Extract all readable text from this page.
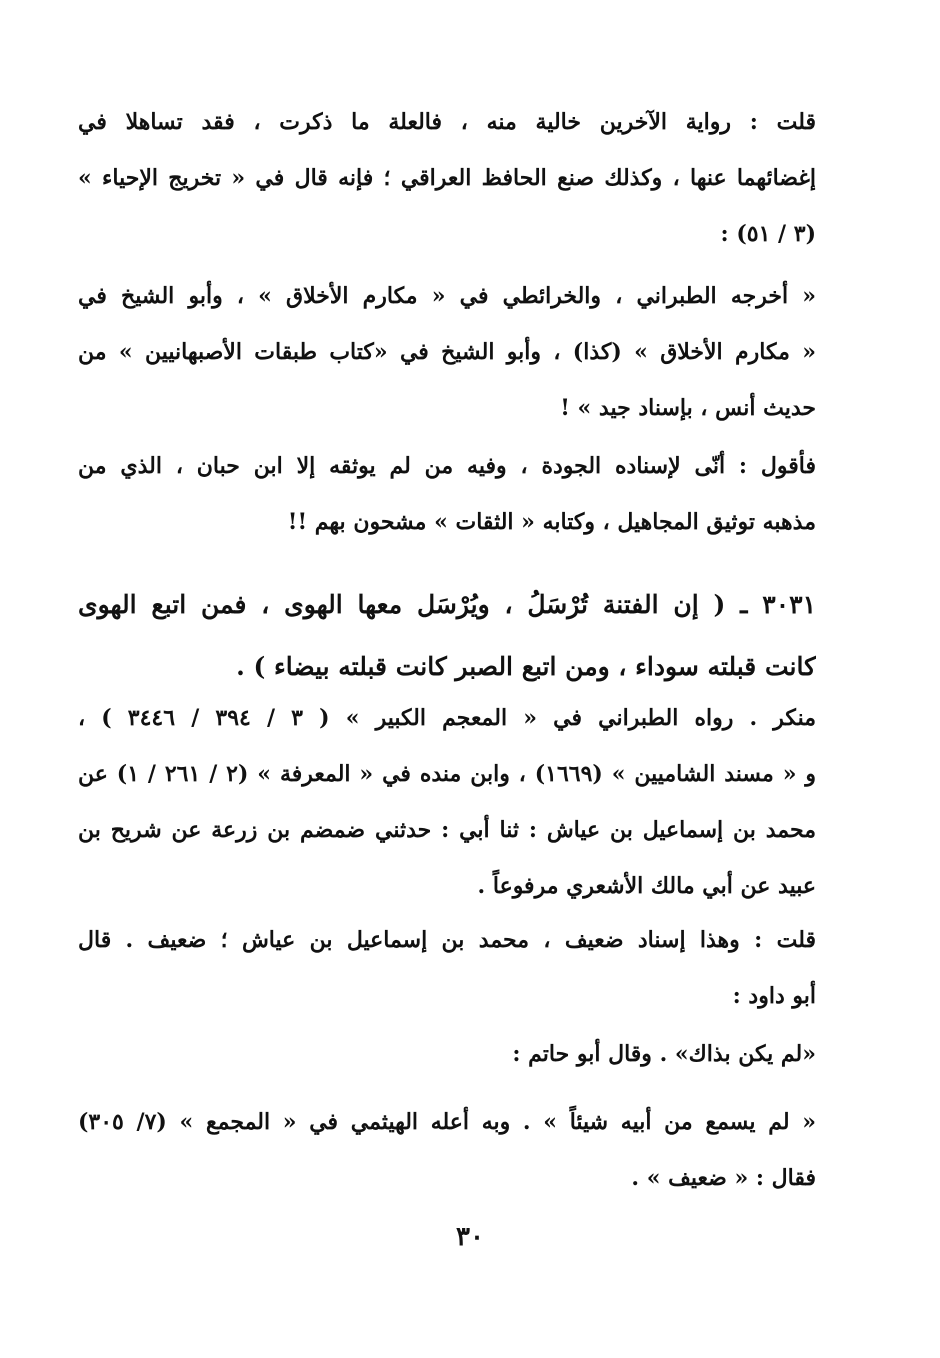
قلت : رواية الآخرين خالية منه ، فالعلة ما ذكرت ، فقد تساهلا في
إغضائهما عنها ، وكذلك صنع الحافظ العراقي ؛ فإنه قال في « تخريج الإحياء »
(٣ / ٥١) :
« أخرجه الطبراني ، والخرائطي في « مكارم الأخلاق » ، وأبو الشيخ في
« مكارم الأخلاق » (كذا) ، وأبو الشيخ في «كتاب طبقات الأصبهانيين » من
حديث أنس ، بإسناد جيد » !
فأقول : أنّى لإسناده الجودة ، وفيه من لم يوثقه إلا ابن حبان ، الذي من
مذهبه توثيق المجاهيل ، وكتابه « الثقات » مشحون بهم !!
٣٠٣١ ـ ( إن الفتنة تُرْسَلُ ، ويُرْسَل معها الهوى ، فمن اتبع الهوى
كانت قبلته سوداء ، ومن اتبع الصبر كانت قبلته بيضاء ) .
منكر . رواه الطبراني في « المعجم الكبير » ( ٣ / ٣٩٤ / ٣٤٤٦ ) ،
و « مسند الشاميين » (١٦٦٩) ، وابن منده في « المعرفة » (٢ / ٢٦١ / ١) عن
محمد بن إسماعيل بن عياش : ثنا أبي : حدثني ضمضم بن زرعة عن شريح بن
عبيد عن أبي مالك الأشعري مرفوعاً .
قلت : وهذا إسناد ضعيف ، محمد بن إسماعيل بن عياش ؛ ضعيف . قال
أبو داود :
«لم يكن بذاك» . وقال أبو حاتم :
« لم يسمع من أبيه شيئاً » . وبه أعله الهيثمي في « المجمع » (٧/ ٣٠٥)
فقال : « ضعيف » .
٣٠
